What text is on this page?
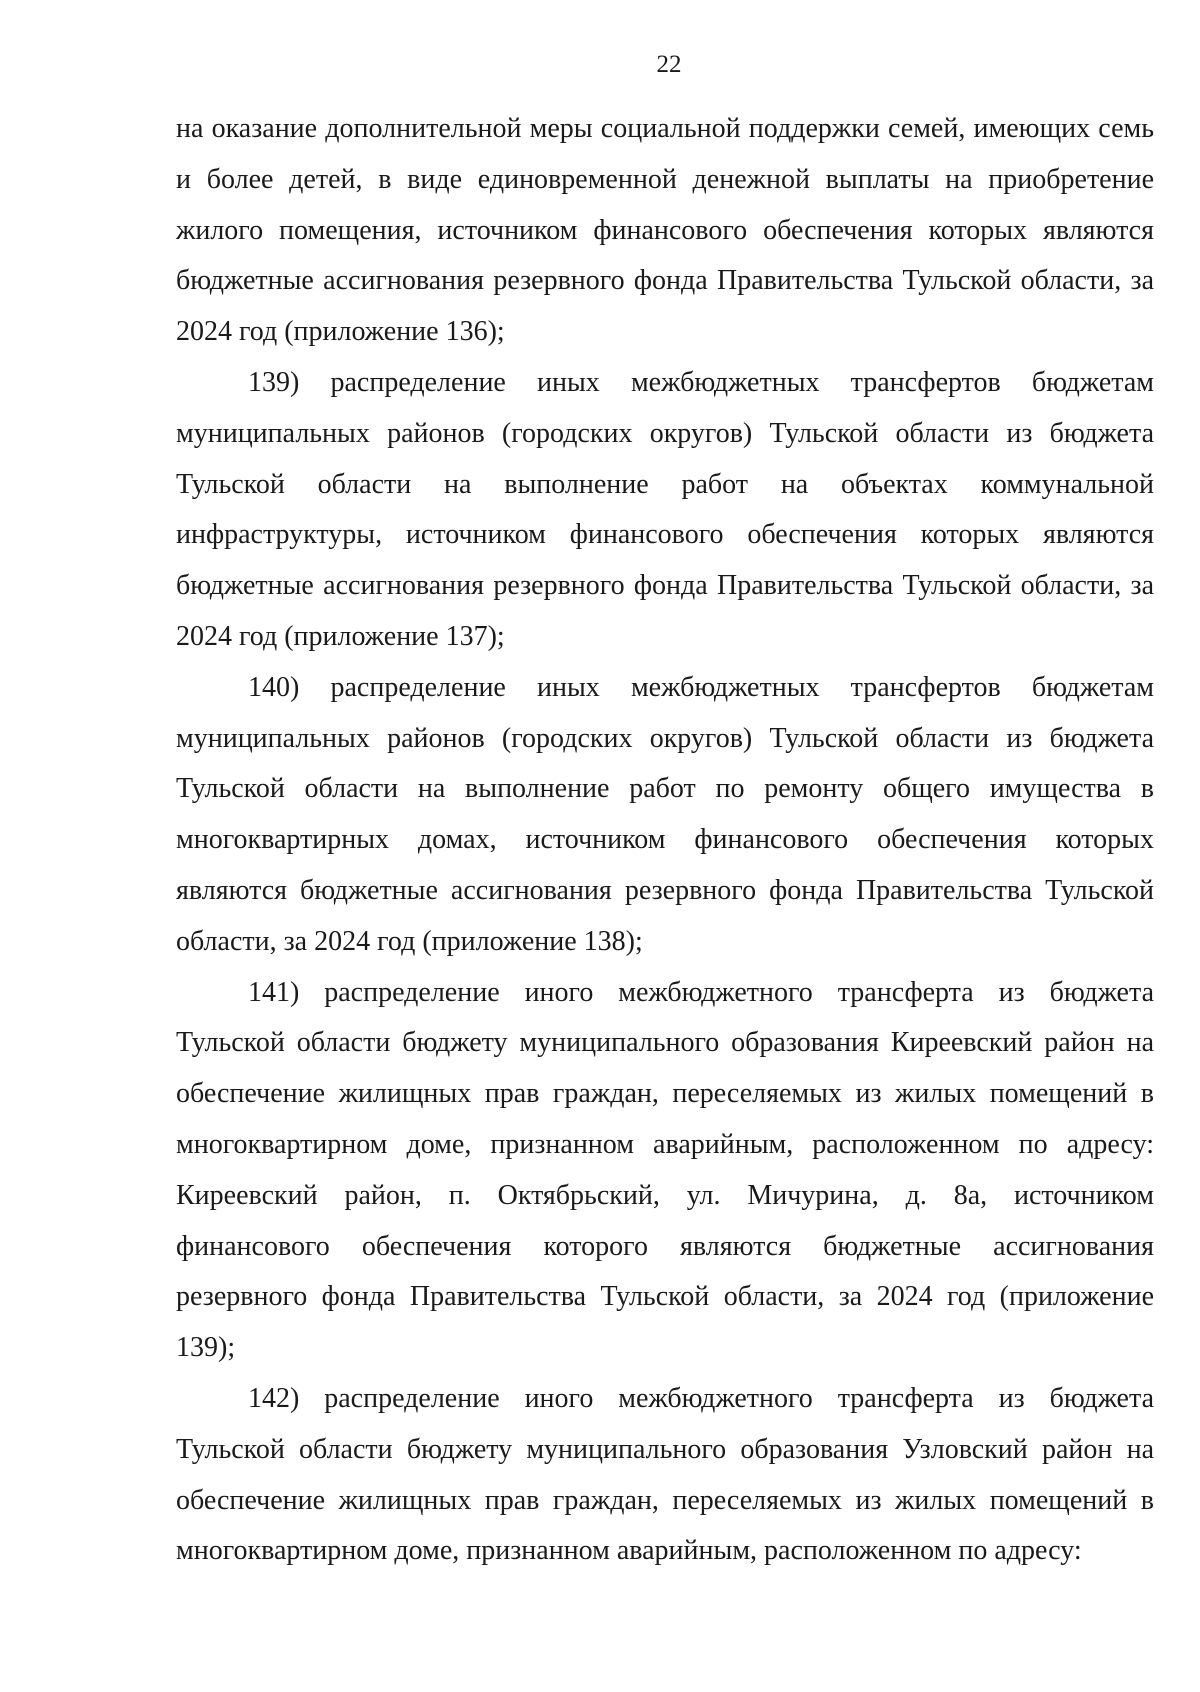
22

на оказание дополнительной меры социальной поддержки семей, имеющих семь и более детей, в виде единовременной денежной выплаты на приобретение жилого помещения, источником финансового обеспечения которых являются бюджетные ассигнования резервного фонда Правительства Тульской области, за 2024 год (приложение 136);

139) распределение иных межбюджетных трансфертов бюджетам муниципальных районов (городских округов) Тульской области из бюджета Тульской области на выполнение работ на объектах коммунальной инфраструктуры, источником финансового обеспечения которых являются бюджетные ассигнования резервного фонда Правительства Тульской области, за 2024 год (приложение 137);

140) распределение иных межбюджетных трансфертов бюджетам муниципальных районов (городских округов) Тульской области из бюджета Тульской области на выполнение работ по ремонту общего имущества в многоквартирных домах, источником финансового обеспечения которых являются бюджетные ассигнования резервного фонда Правительства Тульской области, за 2024 год (приложение 138);

141) распределение иного межбюджетного трансферта из бюджета Тульской области бюджету муниципального образования Киреевский район на обеспечение жилищных прав граждан, переселяемых из жилых помещений в многоквартирном доме, признанном аварийным, расположенном по адресу: Киреевский район, п. Октябрьский, ул. Мичурина, д. 8а, источником финансового обеспечения которого являются бюджетные ассигнования резервного фонда Правительства Тульской области, за 2024 год (приложение 139);

142) распределение иного межбюджетного трансферта из бюджета Тульской области бюджету муниципального образования Узловский район на обеспечение жилищных прав граждан, переселяемых из жилых помещений в многоквартирном доме, признанном аварийным, расположенном по адресу:
